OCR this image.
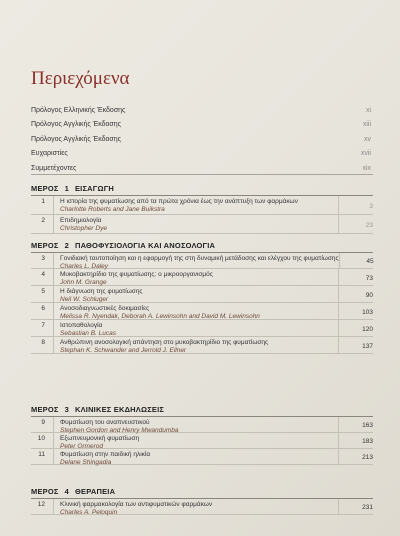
Περιεχόμενα
Πρόλογος Ελληνικής Έκδοσης	xi
Πρόλογος Αγγλικής Έκδοσης	xiii
Πρόλογος Αγγλικής Έκδοσης	xv
Ευχαριστίες	xvii
Συμμετέχοντες	xix
ΜΕΡΟΣ 1 ΕΙΣΑΓΩΓΗ
1 Η ιστορία της φυματίωσης από τα πρώτα χρόνια έως την ανάπτυξη των φαρμάκων
Charlotte Roberts and Jane Buikstra	3
2 Επιδημιολογία
Christopher Dye	23
ΜΕΡΟΣ 2 ΠΑΘΟΦΥΣΙΟΛΟΓΙΑ ΚΑΙ ΑΝΟΣΟΛΟΓΙΑ
3 Γονιδιακή ταυτοποίηση και η εφαρμογή της στη δυναμική μετάδοσης και ελέγχου της φυματίωσης
Charles L. Daley
45
4 Μυκοβακτηρίδιο της φυματίωσης: ο μικροοργανισμός
John M. Grange
73
5 Η διάγνωση της φυματίωσης
Neil W. Schluger
90
6 Ανοσοδιαγνωστικές δοκιμασίες
Melissa R. Nyendak, Deborah A. Lewinsohn and David M. Lewinsohn
103
7 Ιστοπαθολογία
Sebastian B. Lucas
120
8 Ανθρώπινη ανοσολογική απάντηση στο μυκοβακτηρίδιο της φυματίωσης
Stephan K. Schwander and Jerrold J. Ellner
137
ΜΕΡΟΣ 3 ΚΛΙΝΙΚΕΣ ΕΚΔΗΛΩΣΕΙΣ
9 Φυματίωση του αναπνευστικού
Stephen Gordon and Henry Mwandumba
163
10 Εξωπνευμονική φυματίωση
Peter Ormerod
183
11 Φυματίωση στην παιδική ηλικία
Delane Shingadia
213
ΜΕΡΟΣ 4 ΘΕΡΑΠΕΙΑ
12 Κλινική φαρμακολογία των αντιφυματικών φαρμάκων
Charles A. Peloquin
231
